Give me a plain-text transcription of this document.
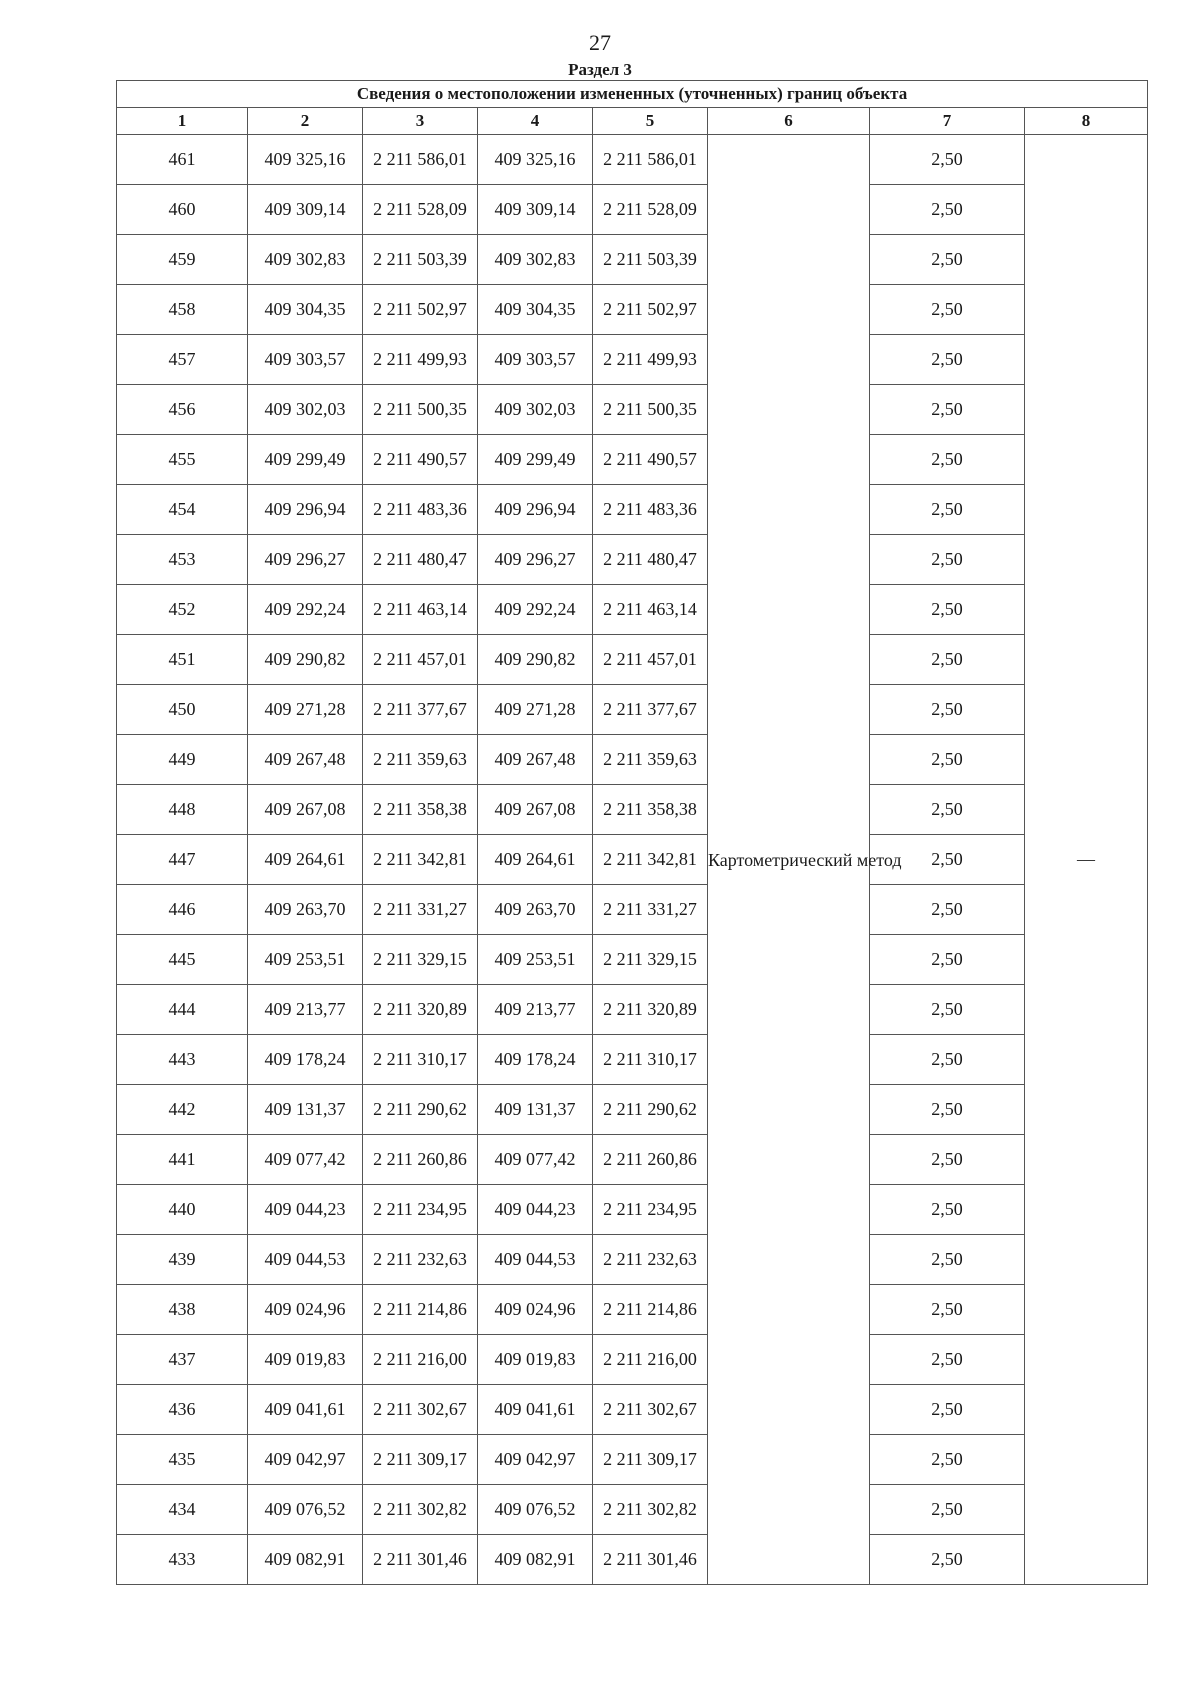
27
Раздел 3
Сведения о местоположении измененных (уточненных) границ объекта							
1	2	3	4	5	6	7	8
461	409 325,16	2 211 586,01	409 325,16	2 211 586,01	Картометрический метод	2,50	—
460	409 309,14	2 211 528,09	409 309,14	2 211 528,09		2,50	
459	409 302,83	2 211 503,39	409 302,83	2 211 503,39		2,50	
458	409 304,35	2 211 502,97	409 304,35	2 211 502,97		2,50	
457	409 303,57	2 211 499,93	409 303,57	2 211 499,93		2,50	
456	409 302,03	2 211 500,35	409 302,03	2 211 500,35		2,50	
455	409 299,49	2 211 490,57	409 299,49	2 211 490,57		2,50	
454	409 296,94	2 211 483,36	409 296,94	2 211 483,36		2,50	
453	409 296,27	2 211 480,47	409 296,27	2 211 480,47		2,50	
452	409 292,24	2 211 463,14	409 292,24	2 211 463,14		2,50	
451	409 290,82	2 211 457,01	409 290,82	2 211 457,01		2,50	
450	409 271,28	2 211 377,67	409 271,28	2 211 377,67		2,50	
449	409 267,48	2 211 359,63	409 267,48	2 211 359,63		2,50	
448	409 267,08	2 211 358,38	409 267,08	2 211 358,38		2,50	
447	409 264,61	2 211 342,81	409 264,61	2 211 342,81		2,50	
446	409 263,70	2 211 331,27	409 263,70	2 211 331,27		2,50	
445	409 253,51	2 211 329,15	409 253,51	2 211 329,15		2,50	
444	409 213,77	2 211 320,89	409 213,77	2 211 320,89		2,50	
443	409 178,24	2 211 310,17	409 178,24	2 211 310,17		2,50	
442	409 131,37	2 211 290,62	409 131,37	2 211 290,62		2,50	
441	409 077,42	2 211 260,86	409 077,42	2 211 260,86		2,50	
440	409 044,23	2 211 234,95	409 044,23	2 211 234,95		2,50	
439	409 044,53	2 211 232,63	409 044,53	2 211 232,63		2,50	
438	409 024,96	2 211 214,86	409 024,96	2 211 214,86		2,50	
437	409 019,83	2 211 216,00	409 019,83	2 211 216,00		2,50	
436	409 041,61	2 211 302,67	409 041,61	2 211 302,67		2,50	
435	409 042,97	2 211 309,17	409 042,97	2 211 309,17		2,50	
434	409 076,52	2 211 302,82	409 076,52	2 211 302,82		2,50	
433	409 082,91	2 211 301,46	409 082,91	2 211 301,46		2,50	
